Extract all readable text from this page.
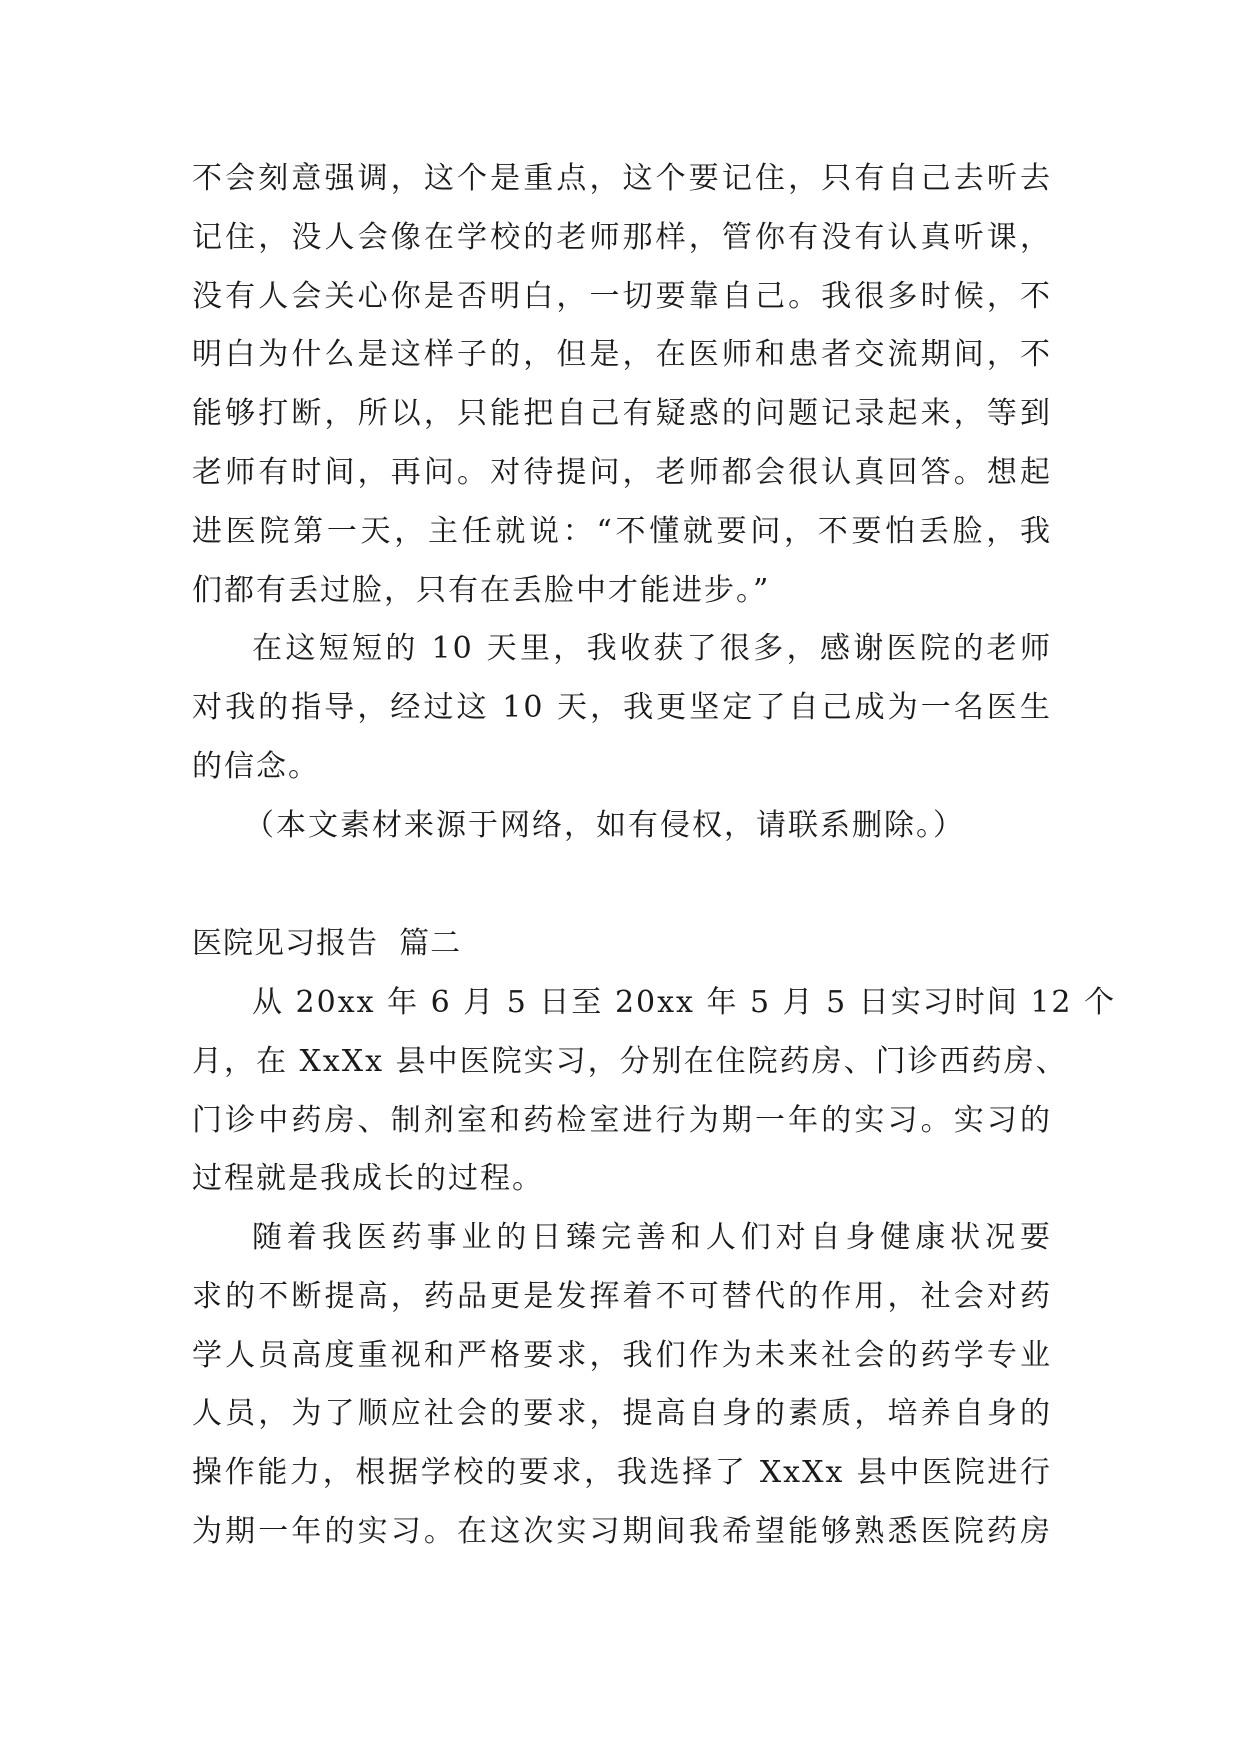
不会刻意强调，这个是重点，这个要记住，只有自己去听去
记住，没人会像在学校的老师那样，管你有没有认真听课，
没有人会关心你是否明白，一切要靠自己。我很多时候，不
明白为什么是这样子的，但是，在医师和患者交流期间，不
能够打断，所以，只能把自己有疑惑的问题记录起来，等到
老师有时间，再问。对待提问，老师都会很认真回答。想起
进医院第一天，主任就说：“不懂就要问，不要怕丢脸，我
们都有丢过脸，只有在丢脸中才能进步。”
在这短短的 10 天里，我收获了很多，感谢医院的老师
对我的指导，经过这 10 天，我更坚定了自己成为一名医生
的信念。
（本文素材来源于网络，如有侵权，请联系删除。）
医院见习报告  篇二
从 20xx 年 6 月 5 日至 20xx 年 5 月 5 日实习时间 12 个
月，在 XxXx 县中医院实习，分别在住院药房、门诊西药房、
门诊中药房、制剂室和药检室进行为期一年的实习。实习的
过程就是我成长的过程。
随着我医药事业的日臻完善和人们对自身健康状况要
求的不断提高，药品更是发挥着不可替代的作用，社会对药
学人员高度重视和严格要求，我们作为未来社会的药学专业
人员，为了顺应社会的要求，提高自身的素质，培养自身的
操作能力，根据学校的要求，我选择了 XxXx 县中医院进行
为期一年的实习。在这次实习期间我希望能够熟悉医院药房
